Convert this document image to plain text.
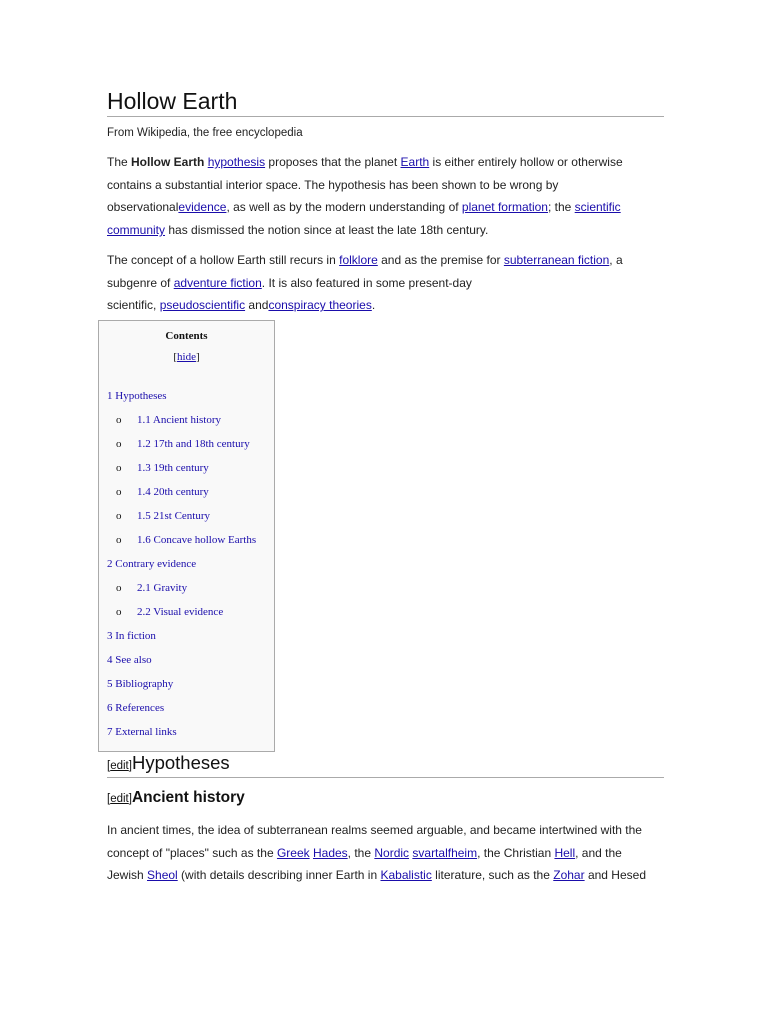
Hollow Earth
From Wikipedia, the free encyclopedia
The Hollow Earth hypothesis proposes that the planet Earth is either entirely hollow or otherwise contains a substantial interior space. The hypothesis has been shown to be wrong by observationalevidence, as well as by the modern understanding of planet formation; the scientific community has dismissed the notion since at least the late 18th century.
The concept of a hollow Earth still recurs in folklore and as the premise for subterranean fiction, a subgenre of adventure fiction. It is also featured in some present-day
scientific, pseudoscientific andconspiracy theories.
Contents
[hide]
1 Hypotheses
o 1.1 Ancient history
o 1.2 17th and 18th century
o 1.3 19th century
o 1.4 20th century
o 1.5 21st Century
o 1.6 Concave hollow Earths
2 Contrary evidence
o 2.1 Gravity
o 2.2 Visual evidence
3 In fiction
4 See also
5 Bibliography
6 References
7 External links
[edit]Hypotheses
[edit]Ancient history
In ancient times, the idea of subterranean realms seemed arguable, and became intertwined with the concept of "places" such as the Greek Hades, the Nordic svartalfheim, the Christian Hell, and the Jewish Sheol (with details describing inner Earth in Kabalistic literature, such as the Zohar and Hesed
